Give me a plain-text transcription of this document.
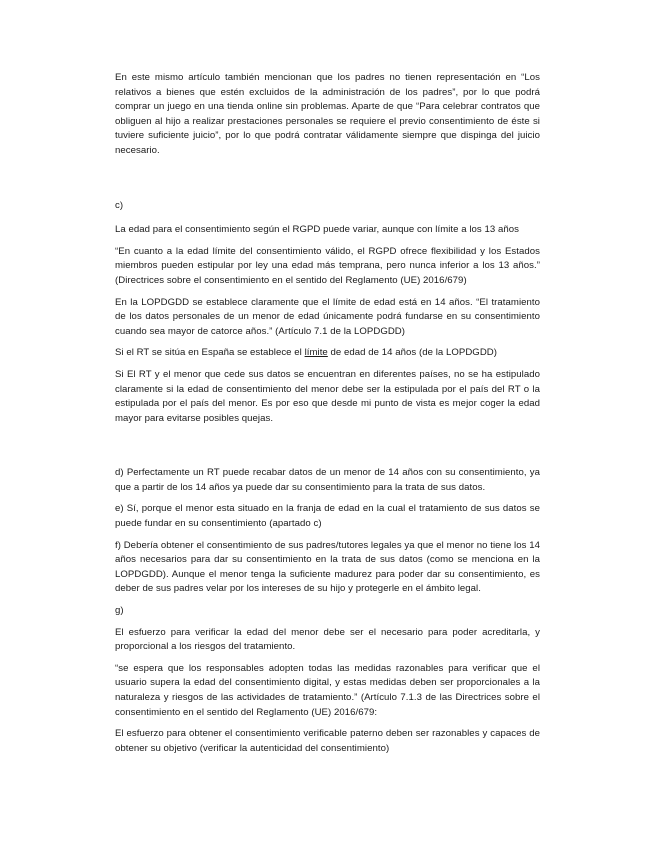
En este mismo artículo también mencionan que los padres no tienen representación en “Los relativos a bienes que estén excluidos de la administración de los padres”, por lo que podrá comprar un juego en una tienda online sin problemas. Aparte de que “Para celebrar contratos que obliguen al hijo a realizar prestaciones personales se requiere el previo consentimiento de éste si tuviere suficiente juicio”, por lo que podrá contratar válidamente siempre que dispinga del juicio necesario.

c)

La edad para el consentimiento según el RGPD puede variar, aunque con límite a los 13 años

“En cuanto a la edad límite del consentimiento válido, el RGPD ofrece flexibilidad y los Estados miembros pueden estipular por ley una edad más temprana, pero nunca inferior a los 13 años.” (Directrices sobre el consentimiento en el sentido del Reglamento (UE) 2016/679)

En la LOPDGDD se establece claramente que el límite de edad está en 14 años. “El tratamiento de los datos personales de un menor de edad únicamente podrá fundarse en su consentimiento cuando sea mayor de catorce años.” (Artículo 7.1 de la LOPDGDD)

Si el RT se sitúa en España se establece el límite de edad de 14 años (de la LOPDGDD)

Si El RT y el menor que cede sus datos se encuentran en diferentes países, no se ha estipulado claramente si la edad de consentimiento del menor debe ser la estipulada por el país del RT o la estipulada por el país del menor. Es por eso que desde mi punto de vista es mejor coger la edad mayor para evitarse posibles quejas.

d) Perfectamente un RT puede recabar datos de un menor de 14 años con su consentimiento, ya que a partir de los 14 años ya puede dar su consentimiento para la trata de sus datos.

e) Sí, porque el menor esta situado en la franja de edad en la cual el tratamiento de sus datos se puede fundar en su consentimiento (apartado c)

f) Debería obtener el consentimiento de sus padres/tutores legales ya que el menor no tiene los 14 años necesarios para dar su consentimiento en la trata de sus datos (como se menciona en la LOPDGDD). Aunque el menor tenga la suficiente madurez para poder dar su consentimiento, es deber de sus padres velar por los intereses de su hijo y protegerle en el ámbito legal.

g)

El esfuerzo para verificar la edad del menor debe ser el necesario para poder acreditarla, y proporcional a los riesgos del tratamiento.

“se espera que los responsables adopten todas las medidas razonables para verificar que el usuario supera la edad del consentimiento digital, y estas medidas deben ser proporcionales a la naturaleza y riesgos de las actividades de tratamiento.” (Artículo 7.1.3 de las Directrices sobre el consentimiento en el sentido del Reglamento (UE) 2016/679:

El esfuerzo para obtener el consentimiento verificable paterno deben ser razonables y capaces de obtener su objetivo (verificar la autenticidad del consentimiento)
